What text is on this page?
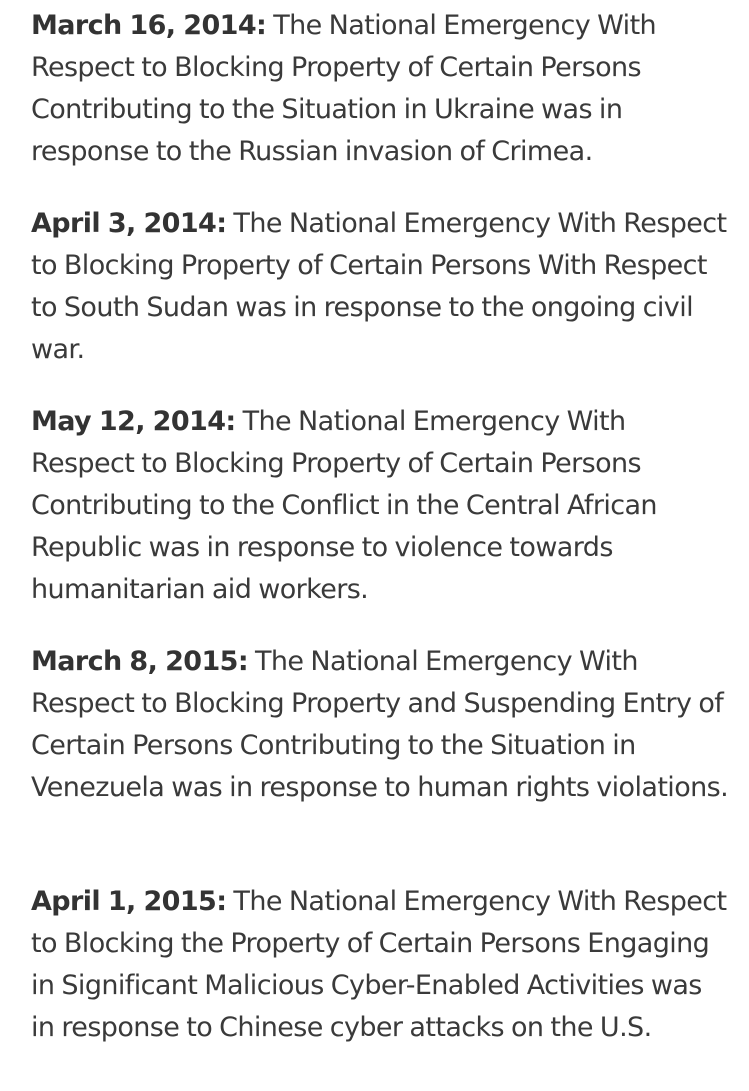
March 16, 2014: The National Emergency With Respect to Blocking Property of Certain Persons Contributing to the Situation in Ukraine was in response to the Russian invasion of Crimea.

April 3, 2014: The National Emergency With Respect to Blocking Property of Certain Persons With Respect to South Sudan was in response to the ongoing civil war.

May 12, 2014: The National Emergency With Respect to Blocking Property of Certain Persons Contributing to the Conflict in the Central African Republic was in response to violence towards humanitarian aid workers.

March 8, 2015: The National Emergency With Respect to Blocking Property and Suspending Entry of Certain Persons Contributing to the Situation in Venezuela was in response to human rights violations.

April 1, 2015: The National Emergency With Respect to Blocking the Property of Certain Persons Engaging in Significant Malicious Cyber-Enabled Activities was in response to Chinese cyber attacks on the U.S.
